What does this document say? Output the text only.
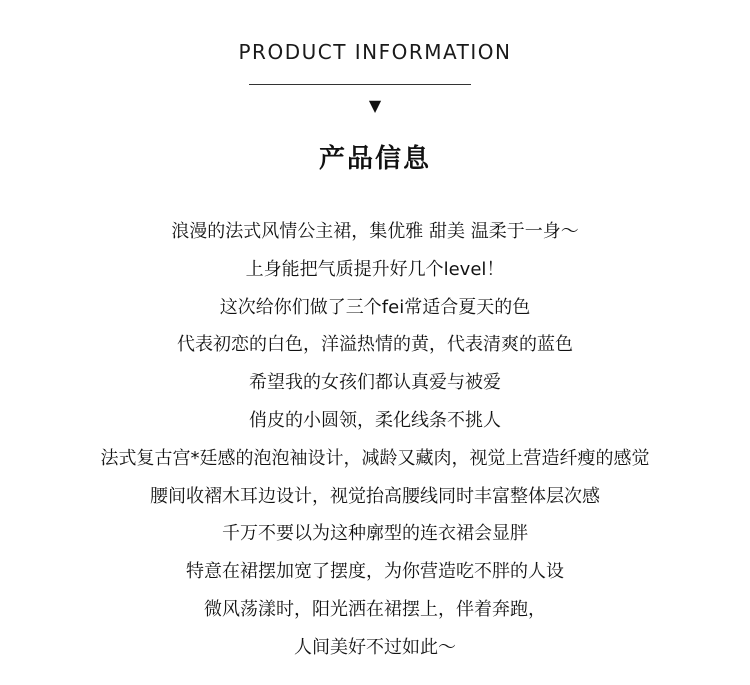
PRODUCT INFORMATION
▼
产品信息
浪漫的法式风情公主裙，集优雅 甜美 温柔于一身～
上身能把气质提升好几个level！
这次给你们做了三个fei常适合夏天的色
代表初恋的白色，洋溢热情的黄，代表清爽的蓝色
希望我的女孩们都认真爱与被爱
俏皮的小圆领，柔化线条不挑人
法式复古宫*廷感的泡泡袖设计，减龄又藏肉，视觉上营造纤瘦的感觉
腰间收褶木耳边设计，视觉抬高腰线同时丰富整体层次感
千万不要以为这种廓型的连衣裙会显胖
特意在裙摆加宽了摆度，为你营造吃不胖的人设
微风荡漾时，阳光洒在裙摆上，伴着奔跑，
人间美好不过如此～
